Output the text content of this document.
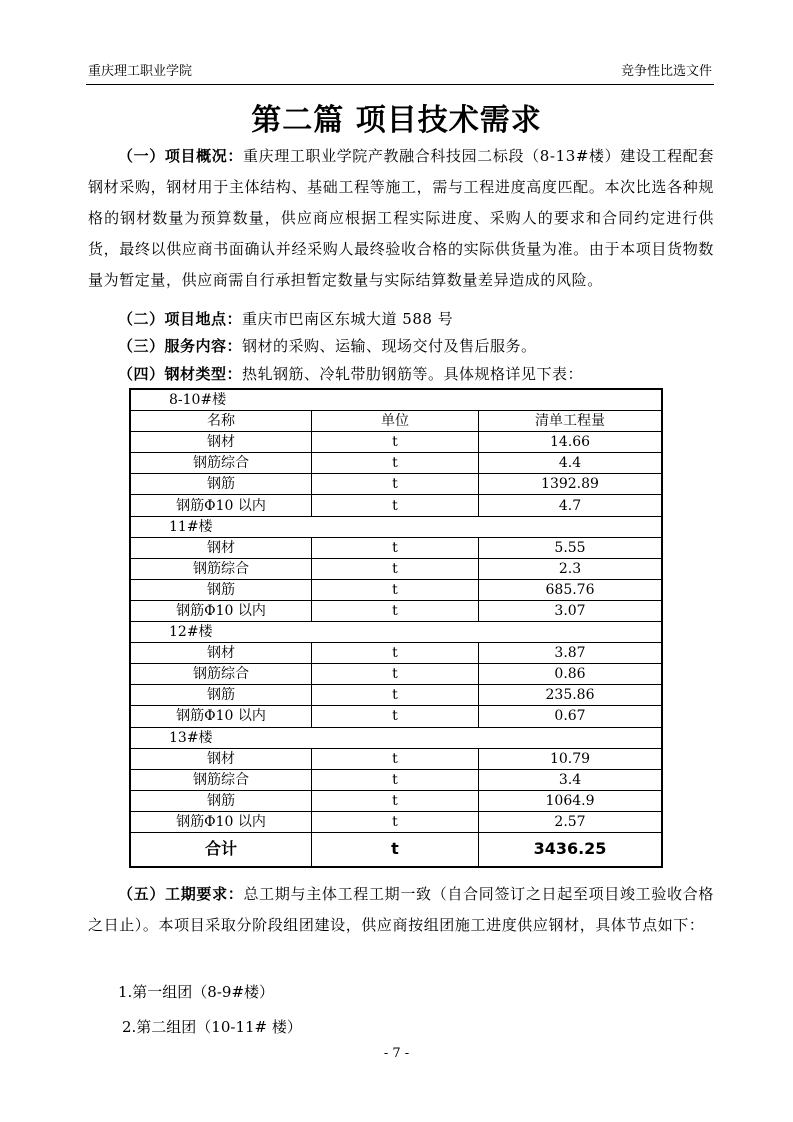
重庆理工职业学院	竞争性比选文件
第二篇 项目技术需求
（一）项目概况：重庆理工职业学院产教融合科技园二标段（8-13#楼）建设工程配套钢材采购，钢材用于主体结构、基础工程等施工，需与工程进度高度匹配。本次比选各种规格的钢材数量为预算数量，供应商应根据工程实际进度、采购人的要求和合同约定进行供货，最终以供应商书面确认并经采购人最终验收合格的实际供货量为准。由于本项目货物数量为暂定量，供应商需自行承担暂定数量与实际结算数量差异造成的风险。
（二）项目地点：重庆市巴南区东城大道 588 号
（三）服务内容：钢材的采购、运输、现场交付及售后服务。
（四）钢材类型：热轧钢筋、冷轧带肋钢筋等。具体规格详见下表：
8-10#楼		
名称	单位	清单工程量
钢材	t	14.66
钢筋综合	t	4.4
钢筋	t	1392.89
钢筋Φ10 以内	t	4.7
11#楼		
钢材	t	5.55
钢筋综合	t	2.3
钢筋	t	685.76
钢筋Φ10 以内	t	3.07
12#楼		
钢材	t	3.87
钢筋综合	t	0.86
钢筋	t	235.86
钢筋Φ10 以内	t	0.67
13#楼		
钢材	t	10.79
钢筋综合	t	3.4
钢筋	t	1064.9
钢筋Φ10 以内	t	2.57
合计	t	3436.25
（五）工期要求：总工期与主体工程工期一致（自合同签订之日起至项目竣工验收合格之日止）。本项目采取分阶段组团建设，供应商按组团施工进度供应钢材，具体节点如下：
1.第一组团（8-9#楼）
2.第二组团（10-11# 楼）
- 7 -
